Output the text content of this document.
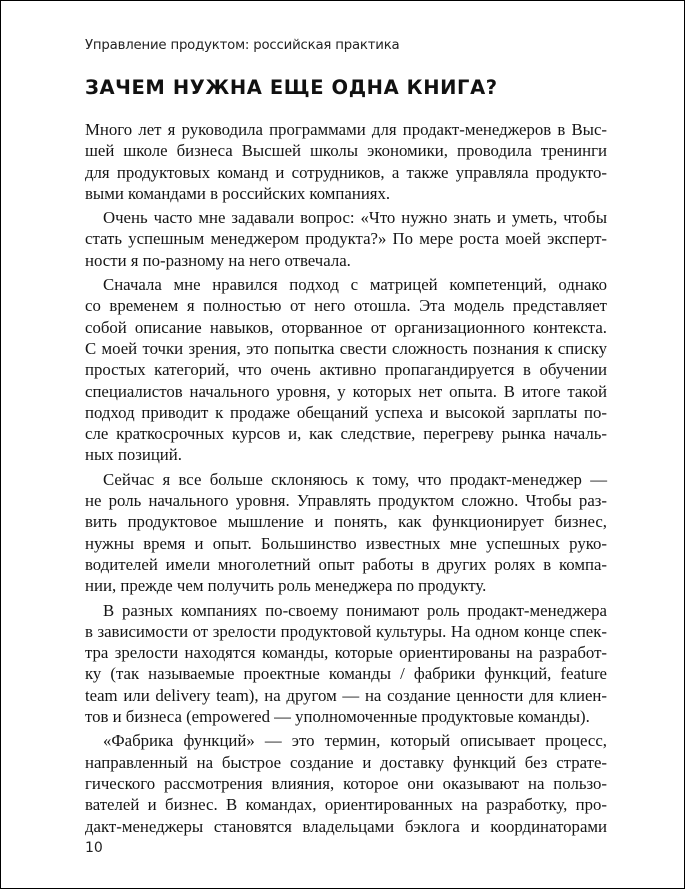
Управление продуктом: российская практика
ЗАЧЕМ НУЖНА ЕЩЕ ОДНА КНИГА?

Много лет я руководила программами для продакт-менеджеров в Выс-
шей школе бизнеса Высшей школы экономики, проводила тренинги
для продуктовых команд и сотрудников, а также управляла продукто-
выми командами в российских компаниях.

Очень часто мне задавали вопрос: «Что нужно знать и уметь, чтобы
стать успешным менеджером продукта?» По мере роста моей эксперт-
ности я по-разному на него отвечала.

Сначала мне нравился подход с матрицей компетенций, однако
со временем я полностью от него отошла. Эта модель представляет
собой описание навыков, оторванное от организационного контекста.
С моей точки зрения, это попытка свести сложность познания к списку
простых категорий, что очень активно пропагандируется в обучении
специалистов начального уровня, у которых нет опыта. В итоге такой
подход приводит к продаже обещаний успеха и высокой зарплаты по-
сле краткосрочных курсов и, как следствие, перегреву рынка началь-
ных позиций.

Сейчас я все больше склоняюсь к тому, что продакт-менеджер —
не роль начального уровня. Управлять продуктом сложно. Чтобы раз-
вить продуктовое мышление и понять, как функционирует бизнес,
нужны время и опыт. Большинство известных мне успешных руко-
водителей имели многолетний опыт работы в других ролях в компа-
нии, прежде чем получить роль менеджера по продукту.

В разных компаниях по-своему понимают роль продакт-менеджера
в зависимости от зрелости продуктовой культуры. На одном конце спек-
тра зрелости находятся команды, которые ориентированы на разработ-
ку (так называемые проектные команды / фабрики функций, feature
team или delivery team), на другом — на создание ценности для клиен-
тов и бизнеса (empowered — уполномоченные продуктовые команды).

«Фабрика функций» — это термин, который описывает процесс,
направленный на быстрое создание и доставку функций без страте-
гического рассмотрения влияния, которое они оказывают на пользо-
вателей и бизнес. В командах, ориентированных на разработку, про-
дакт-менеджеры становятся владельцами бэклога и координаторами

10
